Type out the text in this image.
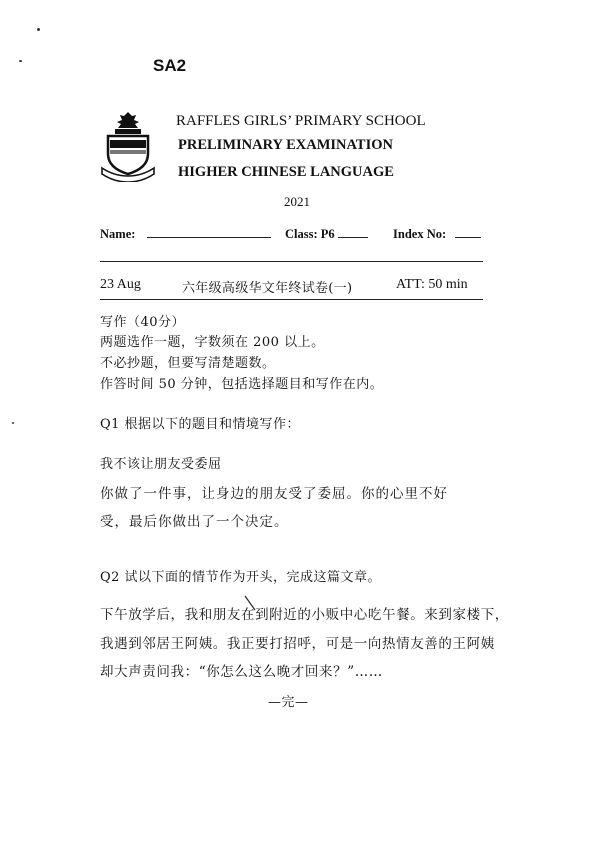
SA2
RAFFLES GIRLS’ PRIMARY SCHOOL
PRELIMINARY EXAMINATION
HIGHER CHINESE LANGUAGE
2021
Name:	Class: P6	Index No:
23 Aug	六年级高级华文年终试卷(一)	ATT: 50 min
写作（40分）
两题选作一题，字数须在 200 以上。
不必抄题，但要写清楚题数。
作答时间 50 分钟，包括选择题目和写作在内。
Q1 根据以下的题目和情境写作：
我不该让朋友受委屈
你做了一件事，让身边的朋友受了委屈。你的心里不好
受，最后你做出了一个决定。
Q2 试以下面的情节作为开头，完成这篇文章。
下午放学后，我和朋友在到附近的小贩中心吃午餐。来到家楼下，
我遇到邻居王阿姨。我正要打招呼，可是一向热情友善的王阿姨
却大声责问我：“你怎么这么晚才回来？”……
—完—
